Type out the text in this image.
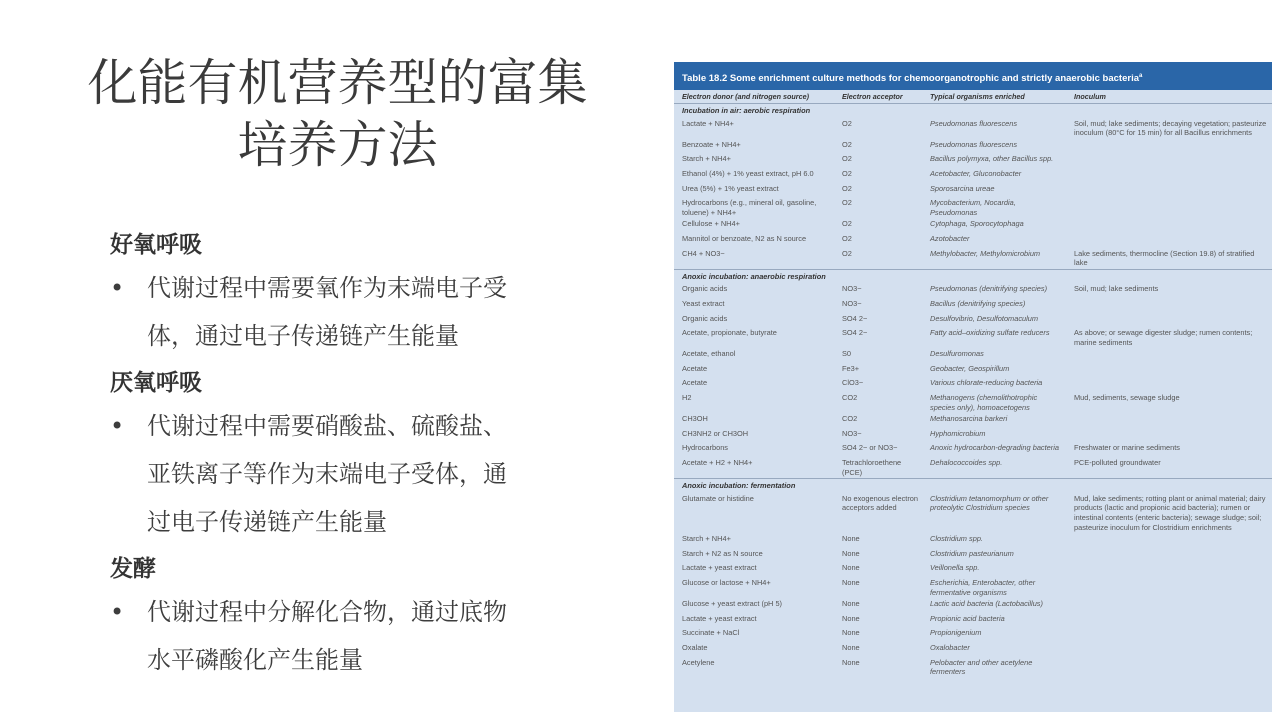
化能有机营养型的富集
培养方法
好氧呼吸
• 代谢过程中需要氧作为末端电子受
体，通过电子传递链产生能量
厌氧呼吸
• 代谢过程中需要硝酸盐、硫酸盐、
亚铁离子等作为末端电子受体，通
过电子传递链产生能量
发酵
• 代谢过程中分解化合物，通过底物
水平磷酸化产生能量
Table 18.2 Some enrichment culture methods for chemoorganotrophic and strictly anaerobic bacteria$^a$
Electron donor (and nitrogen source)	Electron acceptor	Typical organisms enriched	Inoculum
Incubation in air: aerobic respiration			
Lactate + NH4+	O2	Pseudomonas fluorescens	Soil, mud; lake sediments; decaying vegetation; pasteurize inoculum (80°C for 15 min) for all Bacillus enrichments
Benzoate + NH4+	O2	Pseudomonas fluorescens	
Starch + NH4+	O2	Bacillus polymyxa, other Bacillus spp.	
Ethanol (4%) + 1% yeast extract, pH 6.0	O2	Acetobacter, Gluconobacter	
Urea (5%) + 1% yeast extract	O2	Sporosarcina ureae	
Hydrocarbons (e.g., mineral oil, gasoline, toluene) + NH4+	O2	Mycobacterium, Nocardia, Pseudomonas	
Cellulose + NH4+	O2	Cytophaga, Sporocytophaga	
Mannitol or benzoate, N2 as N source	O2	Azotobacter	
CH4 + NO3−	O2	Methylobacter, Methylomicrobium	Lake sediments, thermocline (Section 19.8) of stratified lake
Anoxic incubation: anaerobic respiration			
Organic acids	NO3−	Pseudomonas (denitrifying species)	Soil, mud; lake sediments
Yeast extract	NO3−	Bacillus (denitrifying species)	
Organic acids	SO4 2−	Desulfovibrio, Desulfotomaculum	
Acetate, propionate, butyrate	SO4 2−	Fatty acid–oxidizing sulfate reducers	As above; or sewage digester sludge; rumen contents; marine sediments
Acetate, ethanol	S0	Desulfuromonas	
Acetate	Fe3+	Geobacter, Geospirillum	
Acetate	ClO3−	Various chlorate-reducing bacteria	
H2	CO2	Methanogens (chemolithotrophic species only), homoacetogens	Mud, sediments, sewage sludge
CH3OH	CO2	Methanosarcina barkeri	
CH3NH2 or CH3OH	NO3−	Hyphomicrobium	
Hydrocarbons	SO4 2− or NO3−	Anoxic hydrocarbon-degrading bacteria	Freshwater or marine sediments
Acetate + H2 + NH4+	Tetrachloroethene (PCE)	Dehalococcoides spp.	PCE-polluted groundwater
Anoxic incubation: fermentation			
Glutamate or histidine	No exogenous electron acceptors added	Clostridium tetanomorphum or other proteolytic Clostridium species	Mud, lake sediments; rotting plant or animal material; dairy products (lactic and propionic acid bacteria); rumen or intestinal contents (enteric bacteria); sewage sludge; soil; pasteurize inoculum for Clostridium enrichments
Starch + NH4+	None	Clostridium spp.	
Starch + N2 as N source	None	Clostridium pasteurianum	
Lactate + yeast extract	None	Veillonella spp.	
Glucose or lactose + NH4+	None	Escherichia, Enterobacter, other fermentative organisms	
Glucose + yeast extract (pH 5)	None	Lactic acid bacteria (Lactobacillus)	
Lactate + yeast extract	None	Propionic acid bacteria	
Succinate + NaCl	None	Propionigenium	
Oxalate	None	Oxalobacter	
Acetylene	None	Pelobacter and other acetylene fermenters	
